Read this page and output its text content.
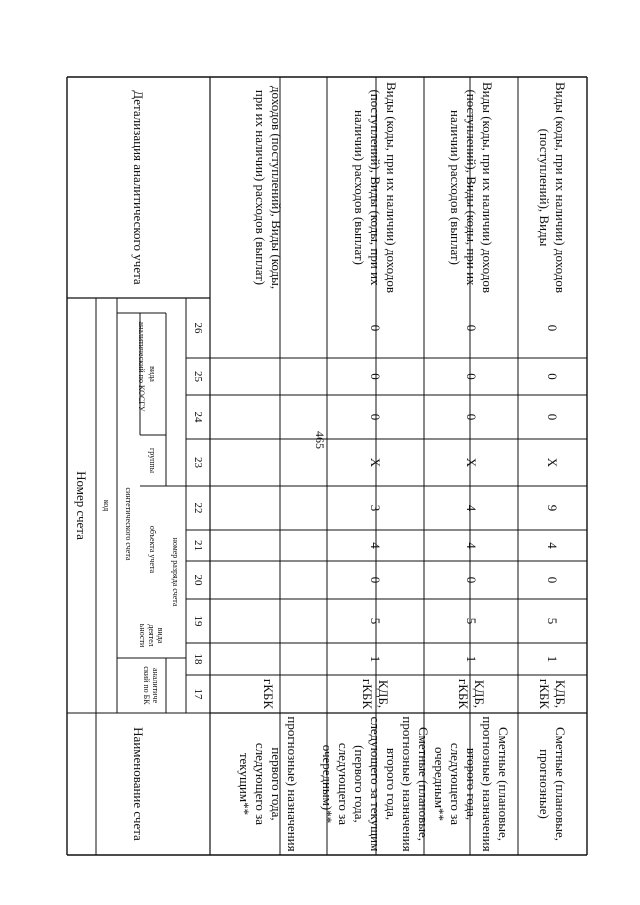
465
Наименование счета
Номер счета
Детализация аналитического учета
код
аналитиче ский по БК
вида деятел ьности
синтетического счета	объекта учета
группы
вида
аналитический по КОСГУ
номер разряда счета
17
18
19
20
21
22
23
24
25
26
прогнозные) назначения первого года, следующего за текущим**
доходов (поступлений), Виды (коды, при их наличии) расходов (выплат)
гКБК
Сметные (плановые, прогнозные) назначения второго года, следующего за текущим (первого года, следующего за очередным)**
Виды (коды, при их наличии) доходов (поступлений), Виды (коды, при их наличии) расходов (выплат)
КДБ, гКБК
1
5
0
4
3
Х
0
0
0
Сметные (плановые, прогнозные) назначения второго года, следующего за очередным**
Виды (коды, при их наличии) доходов (поступлений), Виды (коды, при их наличии) расходов (выплат)
КДБ, гКБК
1
5
0
4
4
Х
0
0
0
Сметные (плановые, прогнозные)
Виды (коды, при их наличии) доходов (поступлений), Виды
КДБ, гКБК
1
5
0
4
9
Х
0
0
0
